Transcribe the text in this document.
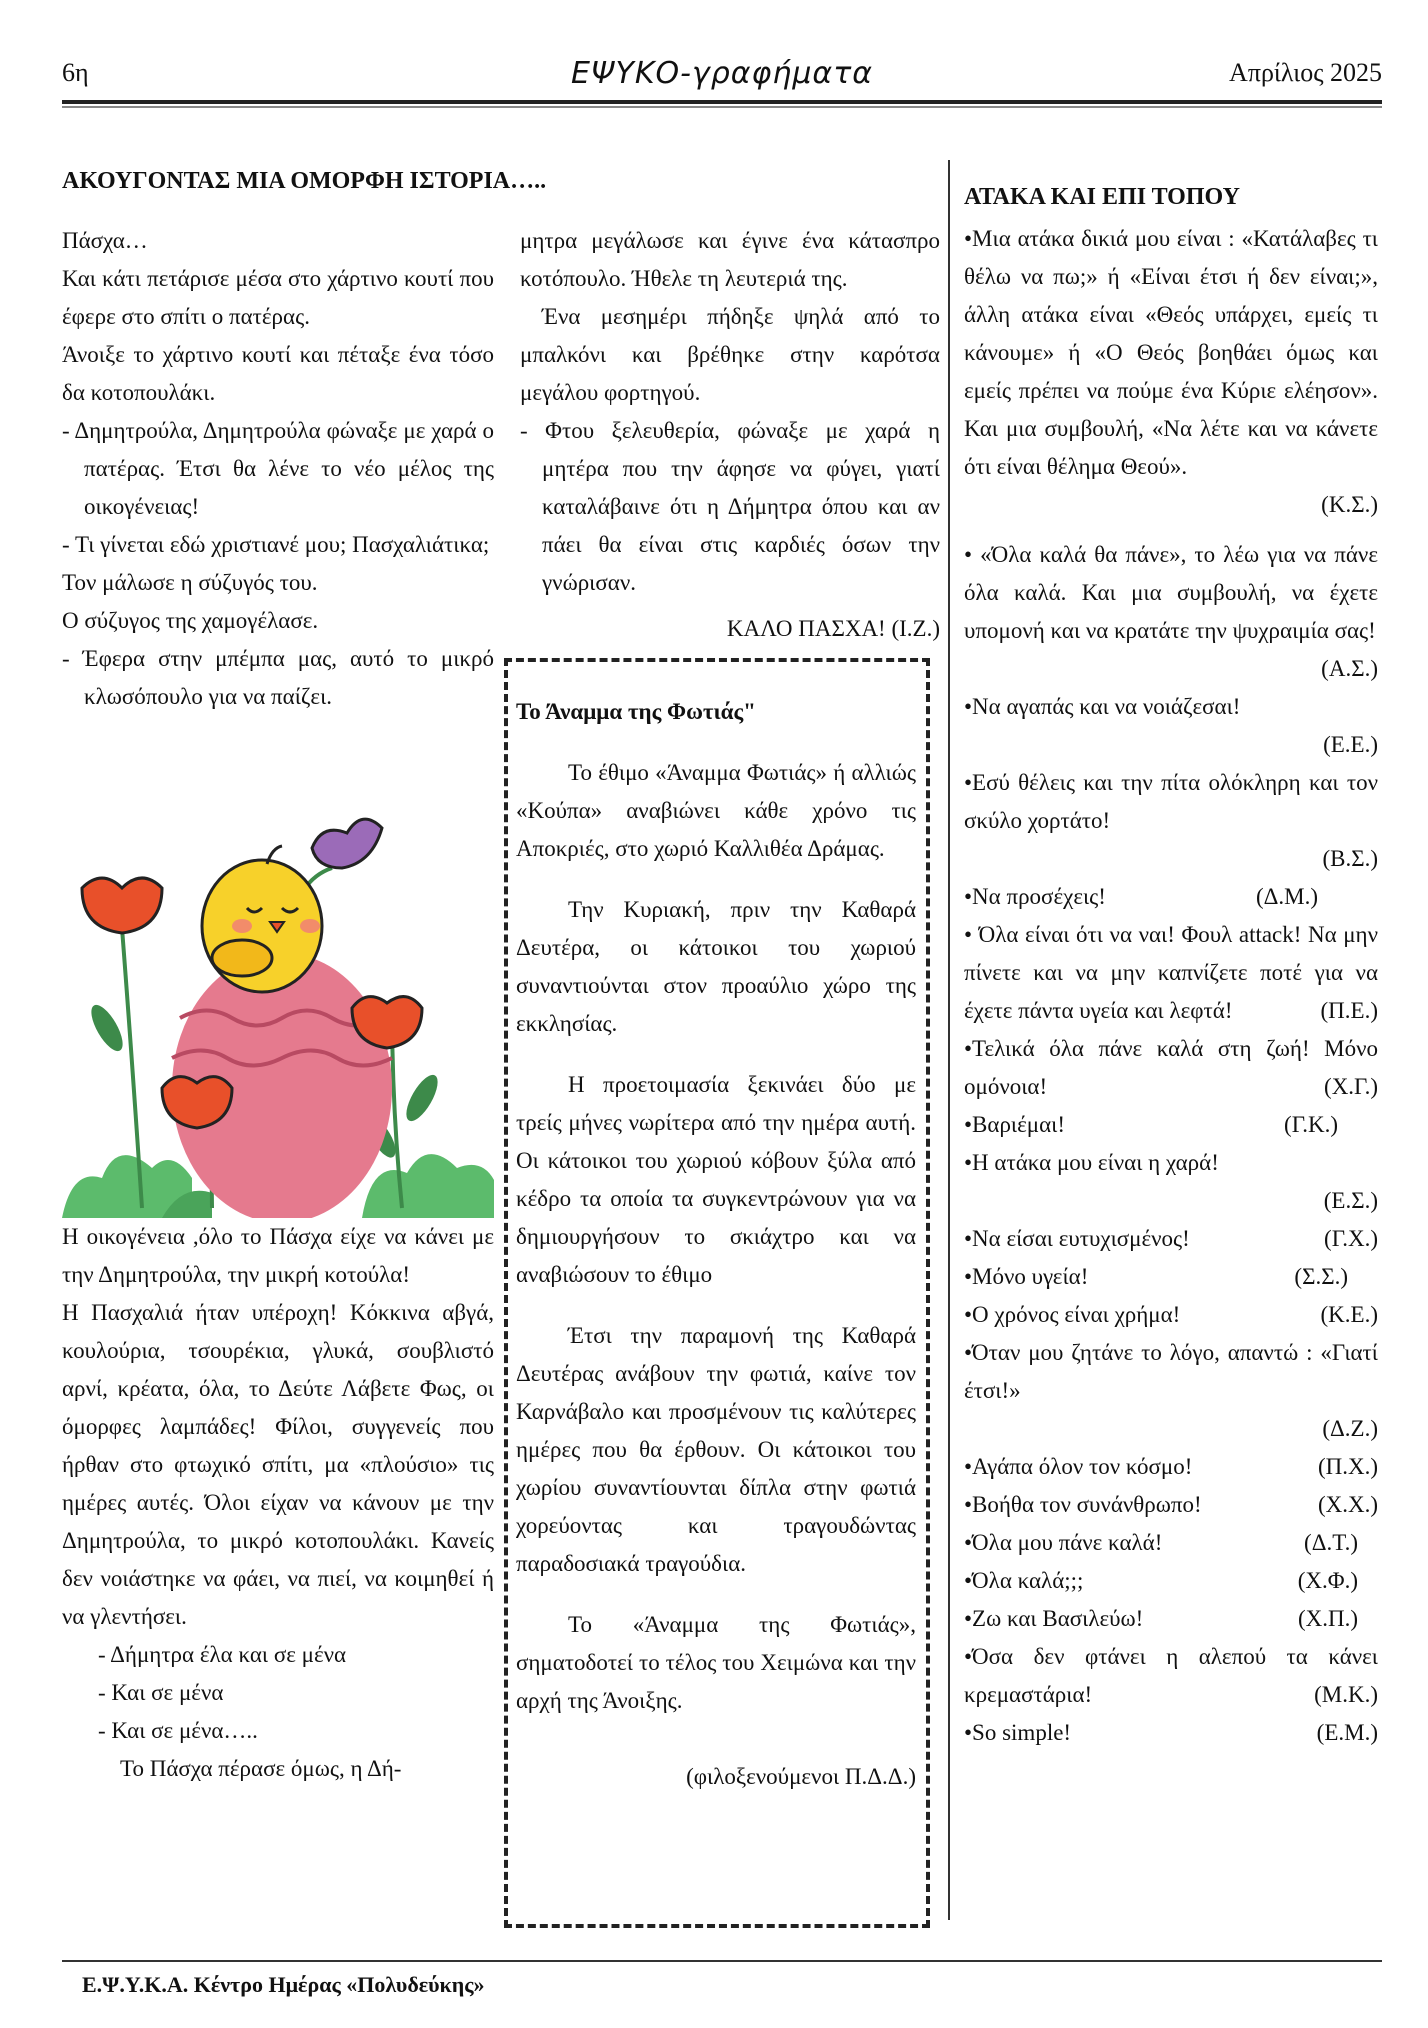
6η	ΕΨΥΚΟ-γραφήματα	Απρίλιος 2025
ΑΚΟΥΓΟΝΤΑΣ ΜΙΑ ΟΜΟΡΦΗ ΙΣΤΟΡΙΑ…..

Πάσχα…

Και κάτι πετάρισε μέσα στο χάρτινο κουτί που έφερε στο σπίτι ο πατέρας.

Άνοιξε το χάρτινο κουτί και πέταξε ένα τόσο δα κοτοπουλάκι.

- Δημητρούλα, Δημητρούλα φώναξε με χαρά ο πατέρας. Έτσι θα λένε το νέο μέλος της οικογένειας!

- Τι γίνεται εδώ χριστιανέ μου; Πασχαλιάτικα;

Τον μάλωσε η σύζυγός του.

Ο σύζυγος της χαμογέλασε.

- Έφερα στην μπέμπα μας, αυτό το μικρό κλωσόπουλο για να παίζει.

Η οικογένεια ,όλο το Πάσχα είχε να κάνει με την Δημητρούλα, την μικρή κοτούλα!

Η Πασχαλιά ήταν υπέροχη! Κόκκινα αβγά, κουλούρια, τσουρέκια, γλυκά, σουβλιστό αρνί, κρέατα, όλα, το Δεύτε Λάβετε Φως, οι όμορφες λαμπάδες! Φίλοι, συγγενείς που ήρθαν στο φτωχικό σπίτι, μα «πλούσιο» τις ημέρες αυτές. Όλοι είχαν να κάνουν με την Δημητρούλα, το μικρό κοτοπουλάκι. Κανείς δεν νοιάστηκε να φάει, να πιεί, να κοιμηθεί ή να γλεντήσει.

- Δήμητρα έλα και σε μένα

- Και σε μένα

- Και σε μένα…..

Το Πάσχα πέρασε όμως, η Δή-

μητρα μεγάλωσε και έγινε ένα κάτασπρο κοτόπουλο. Ήθελε τη λευτεριά της.

Ένα μεσημέρι πήδηξε ψηλά από το μπαλκόνι και βρέθηκε στην καρότσα μεγάλου φορτηγού.

- Φτου ξελευθερία, φώναξε με χαρά η μητέρα που την άφησε να φύγει, γιατί καταλάβαινε ότι η Δήμητρα όπου και αν πάει θα είναι στις καρδιές όσων την γνώρισαν.

ΚΑΛΟ ΠΑΣΧΑ! (Ι.Ζ.)

Το Άναμμα της Φωτιάς"

Το έθιμο «Άναμμα Φωτιάς» ή αλλιώς «Κούπα» αναβιώνει κάθε χρόνο τις Αποκριές, στο χωριό Καλλιθέα Δράμας.

Την Κυριακή, πριν την Καθαρά Δευτέρα, οι κάτοικοι του χωριού συναντιούνται στον προαύλιο χώρο της εκκλησίας.

Η προετοιμασία ξεκινάει δύο με τρείς μήνες νωρίτερα από την ημέρα αυτή. Οι κάτοικοι του χωριού κόβουν ξύλα από κέδρο τα οποία τα συγκεντρώνουν για να δημιουργήσουν το σκιάχτρο και να αναβιώσουν το έθιμο

Έτσι την παραμονή της Καθαρά Δευτέρας ανάβουν την φωτιά, καίνε τον Καρνάβαλο και προσμένουν τις καλύτερες ημέρες που θα έρθουν. Οι κάτοικοι του χωρίου συναντίουνται δίπλα στην φωτιά χορεύοντας και τραγουδώντας παραδοσιακά τραγούδια.

Το «Άναμμα της Φωτιάς», σηματοδοτεί το τέλος του Χειμώνα και την αρχή της Άνοιξης.

(φιλοξενούμενοι Π.Δ.Δ.)

ΑΤΑΚΑ ΚΑΙ ΕΠΙ ΤΟΠΟΥ

•Μια ατάκα δικιά μου είναι : «Κατάλαβες τι θέλω να πω;» ή «Είναι έτσι ή δεν είναι;», άλλη ατάκα είναι «Θεός υπάρχει, εμείς τι κάνουμε» ή «Ο Θεός βοηθάει όμως και εμείς πρέπει να πούμε ένα Κύριε ελέησον». Και μια συμβουλή, «Να λέτε και να κάνετε ότι είναι θέλημα Θεού».

(Κ.Σ.)

• «Όλα καλά θα πάνε», το λέω για να πάνε όλα καλά. Και μια συμβουλή, να έχετε υπομονή και να κρατάτε την ψυχραιμία σας!

(Α.Σ.)

•Να αγαπάς και να νοιάζεσαι!

(Ε.Ε.)

•Εσύ θέλεις και την πίτα ολόκληρη και τον σκύλο χορτάτο!

(Β.Σ.)

•Να προσέχεις!	(Δ.Μ.)

• Όλα είναι ότι να ναι! Φουλ attack! Να μην πίνετε και να μην καπνίζετε ποτέ για να έχετε πάντα υγεία και λεφτά!	(Π.Ε.)

•Τελικά όλα πάνε καλά στη ζωή! Μόνο ομόνοια!	(Χ.Γ.)

•Βαριέμαι!	(Γ.Κ.)

•Η ατάκα μου είναι η χαρά!

(Ε.Σ.)

•Να είσαι ευτυχισμένος!	(Γ.Χ.)
•Μόνο υγεία!	(Σ.Σ.)
•Ο χρόνος είναι χρήμα!	(Κ.Ε.)

•Όταν μου ζητάνε το λόγο, απαντώ : «Γιατί έτσι!»

(Δ.Ζ.)

•Αγάπα όλον τον κόσμο!	(Π.Χ.)
•Βοήθα τον συνάνθρωπο!	(Χ.Χ.)
•Όλα μου πάνε καλά!	(Δ.Τ.)
•Όλα καλά;;;	(Χ.Φ.)
•Ζω και Βασιλεύω!	(Χ.Π.)

•Όσα δεν φτάνει η αλεπού τα κάνει κρεμαστάρια!	(Μ.Κ.)

•So simple!	(Ε.Μ.)
Ε.Ψ.Υ.Κ.Α. Κέντρο Ημέρας «Πολυδεύκης»
